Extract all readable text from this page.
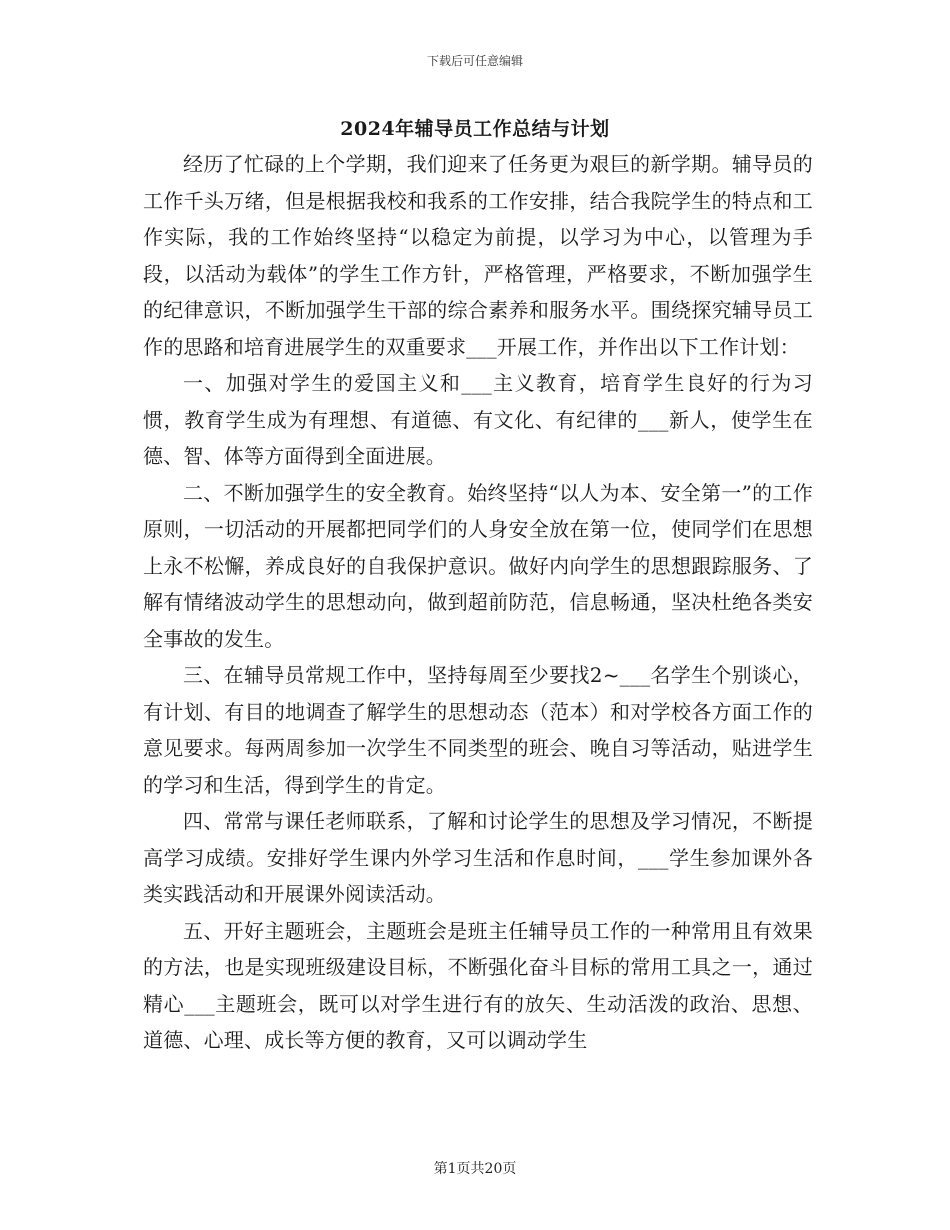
下载后可任意编辑
2024年辅导员工作总结与计划

经历了忙碌的上个学期，我们迎来了任务更为艰巨的新学期。辅导员的工作千头万绪，但是根据我校和我系的工作安排，结合我院学生的特点和工作实际，我的工作始终坚持“以稳定为前提，以学习为中心，以管理为手段，以活动为载体”的学生工作方针，严格管理，严格要求，不断加强学生的纪律意识，不断加强学生干部的综合素养和服务水平。围绕探究辅导员工作的思路和培育进展学生的双重要求___开展工作，并作出以下工作计划：

一、加强对学生的爱国主义和___主义教育，培育学生良好的行为习惯，教育学生成为有理想、有道德、有文化、有纪律的___新人，使学生在德、智、体等方面得到全面进展。

二、不断加强学生的安全教育。始终坚持“以人为本、安全第一”的工作原则，一切活动的开展都把同学们的人身安全放在第一位，使同学们在思想上永不松懈，养成良好的自我保护意识。做好内向学生的思想跟踪服务、了解有情绪波动学生的思想动向，做到超前防范，信息畅通，坚决杜绝各类安全事故的发生。

三、在辅导员常规工作中，坚持每周至少要找2~___名学生个别谈心，有计划、有目的地调查了解学生的思想动态（范本）和对学校各方面工作的意见要求。每两周参加一次学生不同类型的班会、晚自习等活动，贴进学生的学习和生活，得到学生的肯定。

四、常常与课任老师联系，了解和讨论学生的思想及学习情况，不断提高学习成绩。安排好学生课内外学习生活和作息时间，___学生参加课外各类实践活动和开展课外阅读活动。

五、开好主题班会，主题班会是班主任辅导员工作的一种常用且有效果的方法，也是实现班级建设目标，不断强化奋斗目标的常用工具之一，通过精心___主题班会，既可以对学生进行有的放矢、生动活泼的政治、思想、道德、心理、成长等方便的教育，又可以调动学生

第1页共20页
